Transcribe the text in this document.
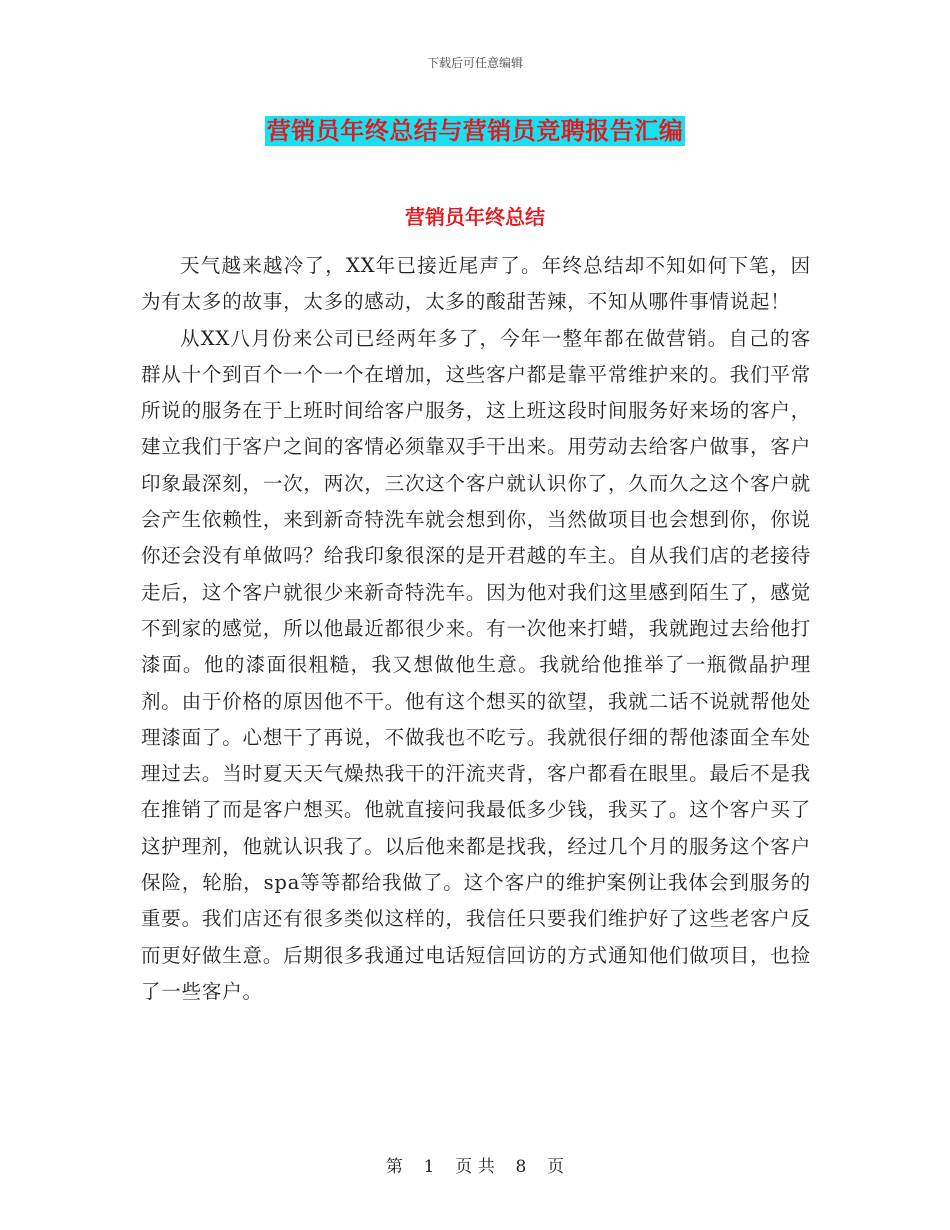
下载后可任意编辑
营销员年终总结与营销员竞聘报告汇编
营销员年终总结

天气越来越冷了，XX年已接近尾声了。年终总结却不知如何下笔，因为有太多的故事，太多的感动，太多的酸甜苦辣，不知从哪件事情说起！

从XX八月份来公司已经两年多了，今年一整年都在做营销。自己的客群从十个到百个一个一个在增加，这些客户都是靠平常维护来的。我们平常所说的服务在于上班时间给客户服务，这上班这段时间服务好来场的客户，建立我们于客户之间的客情必须靠双手干出来。用劳动去给客户做事，客户印象最深刻，一次，两次，三次这个客户就认识你了，久而久之这个客户就会产生依赖性，来到新奇特洗车就会想到你，当然做项目也会想到你，你说你还会没有单做吗？给我印象很深的是开君越的车主。自从我们店的老接待走后，这个客户就很少来新奇特洗车。因为他对我们这里感到陌生了，感觉不到家的感觉，所以他最近都很少来。有一次他来打蜡，我就跑过去给他打漆面。他的漆面很粗糙，我又想做他生意。我就给他推举了一瓶微晶护理剂。由于价格的原因他不干。他有这个想买的欲望，我就二话不说就帮他处理漆面了。心想干了再说，不做我也不吃亏。我就很仔细的帮他漆面全车处理过去。当时夏天天气燥热我干的汗流夹背，客户都看在眼里。最后不是我在推销了而是客户想买。他就直接问我最低多少钱，我买了。这个客户买了这护理剂，他就认识我了。以后他来都是找我，经过几个月的服务这个客户保险，轮胎，spa等等都给我做了。这个客户的维护案例让我体会到服务的重要。我们店还有很多类似这样的，我信任只要我们维护好了这些老客户反而更好做生意。后期很多我通过电话短信回访的方式通知他们做项目，也捡了一些客户。

第 1 页 共 8 页
